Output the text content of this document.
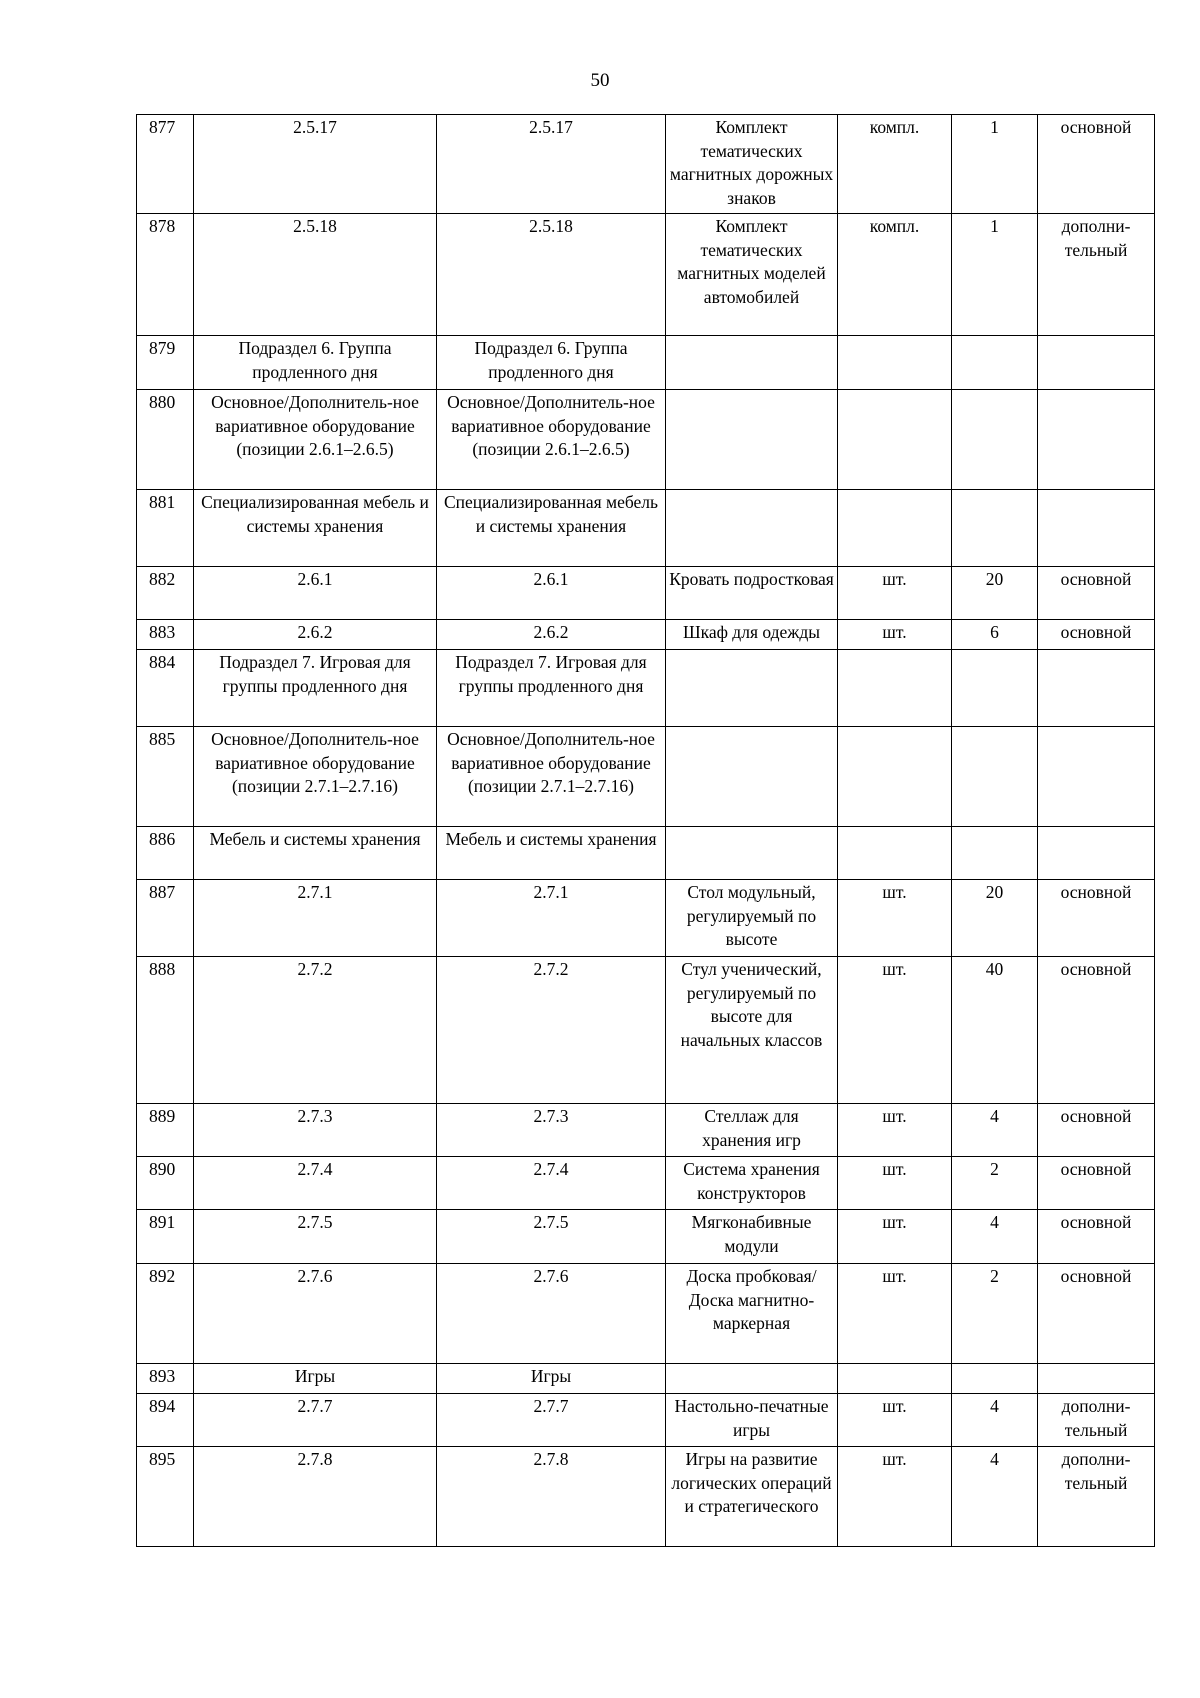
50
877	2.5.17	2.5.17	Комплект тематических магнитных дорожных знаков	компл.	1	основной
878	2.5.18	2.5.18	Комплект тематических магнитных моделей автомобилей	компл.	1	дополни-тельный
879	Подраздел 6. Группа продленного дня	Подраздел 6. Группа продленного дня				
880	Основное/Дополнитель-ное вариативное оборудование (позиции 2.6.1–2.6.5)	Основное/Дополнитель-ное вариативное оборудование (позиции 2.6.1–2.6.5)				
881	Специализированная мебель и системы хранения	Специализированная мебель и системы хранения				
882	2.6.1	2.6.1	Кровать подростковая	шт.	20	основной
883	2.6.2	2.6.2	Шкаф для одежды	шт.	6	основной
884	Подраздел 7. Игровая для группы продленного дня	Подраздел 7. Игровая для группы продленного дня				
885	Основное/Дополнитель-ное вариативное оборудование (позиции 2.7.1–2.7.16)	Основное/Дополнитель-ное вариативное оборудование (позиции 2.7.1–2.7.16)				
886	Мебель и системы хранения	Мебель и системы хранения				
887	2.7.1	2.7.1	Стол модульный, регулируемый по высоте	шт.	20	основной
888	2.7.2	2.7.2	Стул ученический, регулируемый по высоте для начальных классов	шт.	40	основной
889	2.7.3	2.7.3	Стеллаж для хранения игр	шт.	4	основной
890	2.7.4	2.7.4	Система хранения конструкторов	шт.	2	основной
891	2.7.5	2.7.5	Мягконабивные модули	шт.	4	основной
892	2.7.6	2.7.6	Доска пробковая/Доска магнитно-маркерная	шт.	2	основной
893	Игры	Игры				
894	2.7.7	2.7.7	Настольно-печатные игры	шт.	4	дополни-тельный
895	2.7.8	2.7.8	Игры на развитие логических операций и стратегического	шт.	4	дополни-тельный
